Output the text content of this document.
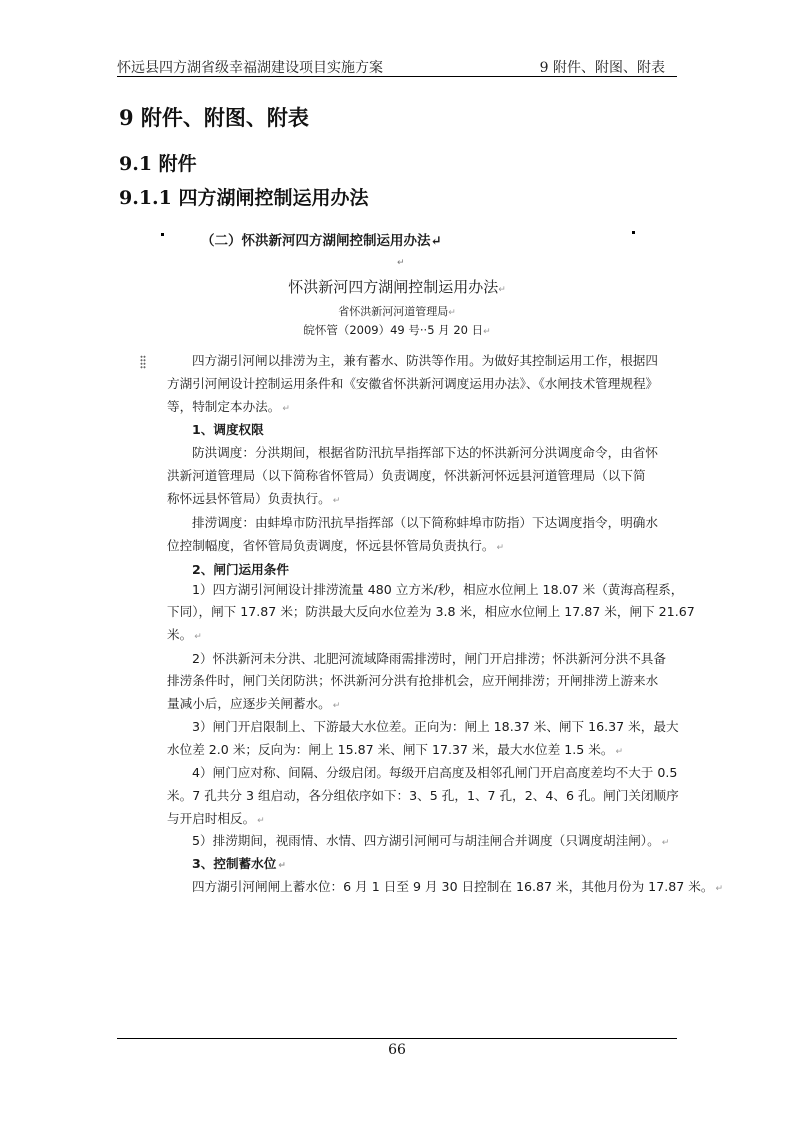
怀远县四方湖省级幸福湖建设项目实施方案	9 附件、附图、附表
9 附件、附图、附表
9.1 附件
9.1.1 四方湖闸控制运用办法
（二）怀洪新河四方湖闸控制运用办法↵
↵
怀洪新河四方湖闸控制运用办法↵
省怀洪新河河道管理局↵
皖怀管（2009）49 号··5 月 20 日↵
四方湖引河闸以排涝为主，兼有蓄水、防洪等作用。为做好其控制运用工作，根据四
方湖引河闸设计控制运用条件和《安徽省怀洪新河调度运用办法》、《水闸技术管理规程》
等，特制定本办法。 ↵
1、调度权限
防洪调度：分洪期间，根据省防汛抗旱指挥部下达的怀洪新河分洪调度命令，由省怀
洪新河道管理局（以下简称省怀管局）负责调度，怀洪新河怀远县河道管理局（以下简
称怀远县怀管局）负责执行。 ↵
排涝调度：由蚌埠市防汛抗旱指挥部（以下简称蚌埠市防指）下达调度指令，明确水
位控制幅度，省怀管局负责调度，怀远县怀管局负责执行。 ↵
2、闸门运用条件
1）四方湖引河闸设计排涝流量 480 立方米/秒，相应水位闸上 18.07 米（黄海高程系，
下同），闸下 17.87 米；防洪最大反向水位差为 3.8 米，相应水位闸上 17.87 米，闸下 21.67
米。 ↵
2）怀洪新河未分洪、北肥河流域降雨需排涝时，闸门开启排涝；怀洪新河分洪不具备
排涝条件时，闸门关闭防洪；怀洪新河分洪有抢排机会，应开闸排涝；开闸排涝上游来水
量减小后，应逐步关闸蓄水。 ↵
3）闸门开启限制上、下游最大水位差。正向为：闸上 18.37 米、闸下 16.37 米，最大
水位差 2.0 米；反向为：闸上 15.87 米、闸下 17.37 米，最大水位差 1.5 米。 ↵
4）闸门应对称、间隔、分级启闭。每级开启高度及相邻孔闸门开启高度差均不大于 0.5
米。7 孔共分 3 组启动，各分组依序如下：3、5 孔，1、7 孔，2、4、6 孔。闸门关闭顺序
与开启时相反。 ↵
5）排涝期间，视雨情、水情、四方湖引河闸可与胡洼闸合并调度（只调度胡洼闸）。 ↵
3、控制蓄水位 ↵
四方湖引河闸闸上蓄水位：6 月 1 日至 9 月 30 日控制在 16.87 米，其他月份为 17.87 米。 ↵
66
